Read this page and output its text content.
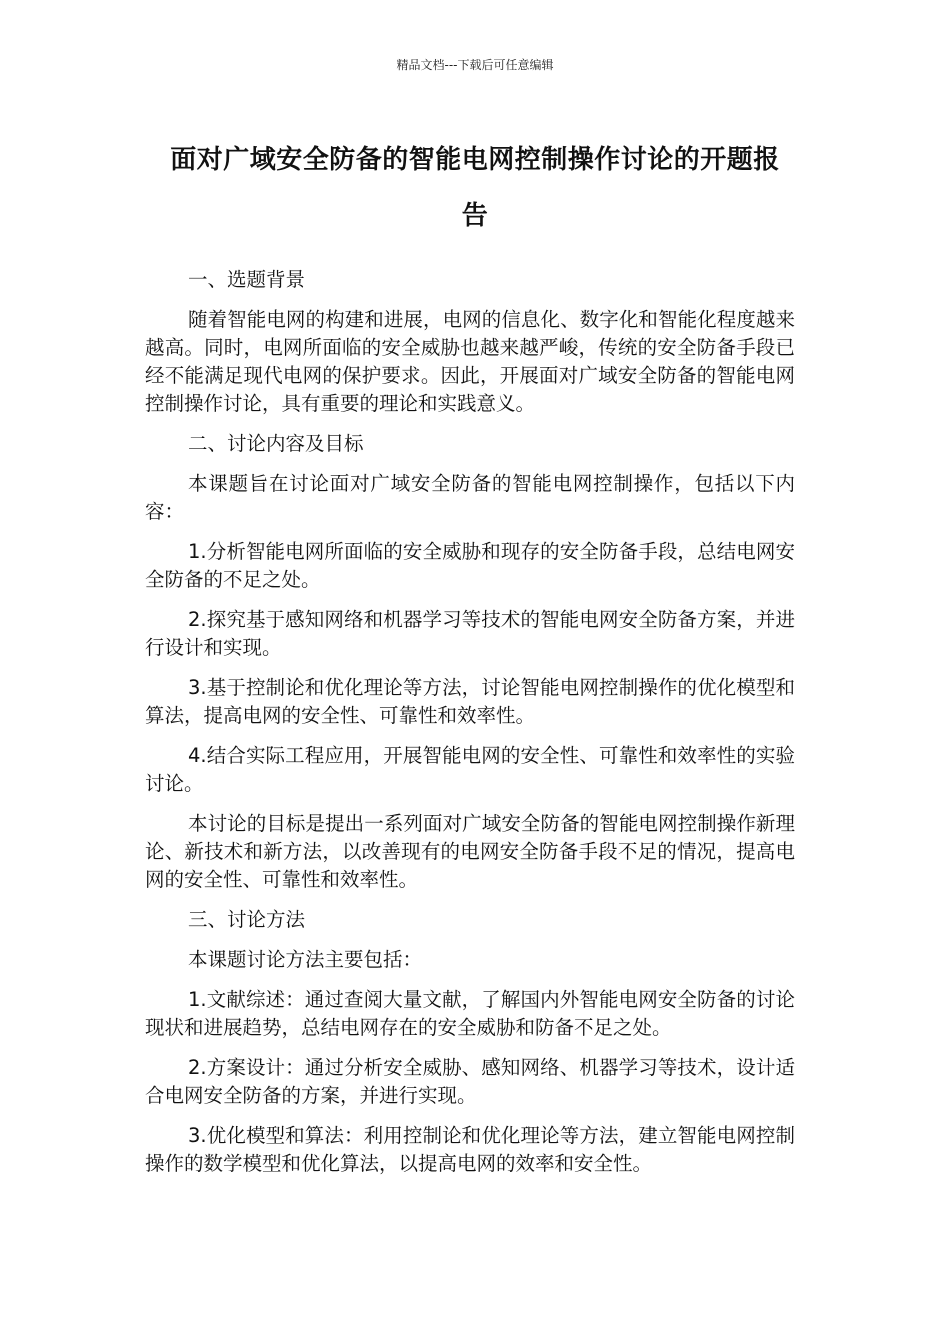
精品文档---下载后可任意编辑
面对广域安全防备的智能电网控制操作讨论的开题报
告

一、选题背景

随着智能电网的构建和进展，电网的信息化、数字化和智能化程度越来越高。同时，电网所面临的安全威胁也越来越严峻，传统的安全防备手段已经不能满足现代电网的保护要求。因此，开展面对广域安全防备的智能电网控制操作讨论，具有重要的理论和实践意义。

二、讨论内容及目标

本课题旨在讨论面对广域安全防备的智能电网控制操作，包括以下内容：

1.分析智能电网所面临的安全威胁和现存的安全防备手段，总结电网安全防备的不足之处。

2.探究基于感知网络和机器学习等技术的智能电网安全防备方案，并进行设计和实现。

3.基于控制论和优化理论等方法，讨论智能电网控制操作的优化模型和算法，提高电网的安全性、可靠性和效率性。

4.结合实际工程应用，开展智能电网的安全性、可靠性和效率性的实验讨论。

本讨论的目标是提出一系列面对广域安全防备的智能电网控制操作新理论、新技术和新方法，以改善现有的电网安全防备手段不足的情况，提高电网的安全性、可靠性和效率性。

三、讨论方法

本课题讨论方法主要包括：

1.文献综述：通过查阅大量文献，了解国内外智能电网安全防备的讨论现状和进展趋势，总结电网存在的安全威胁和防备不足之处。

2.方案设计：通过分析安全威胁、感知网络、机器学习等技术，设计适合电网安全防备的方案，并进行实现。

3.优化模型和算法：利用控制论和优化理论等方法，建立智能电网控制操作的数学模型和优化算法，以提高电网的效率和安全性。
